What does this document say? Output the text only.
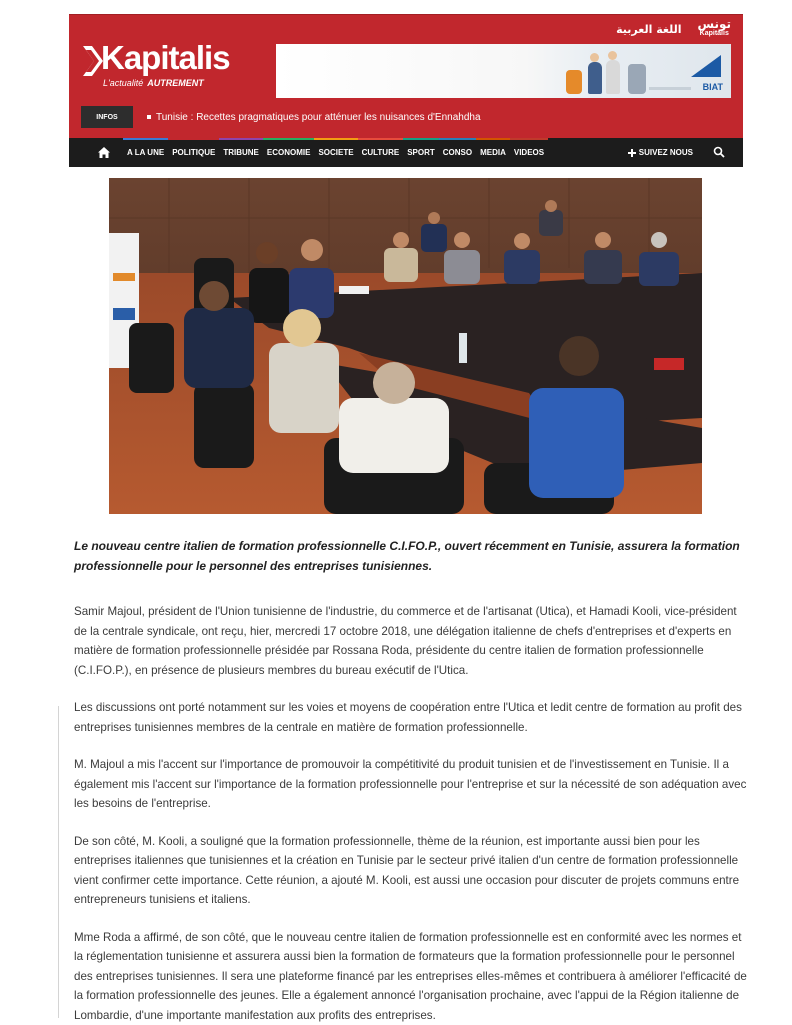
اللغة العربية تونس
Kapitalis
Kapitalis
L'actualité AUTREMENT	BIAT
INFOS	Tunisie : Recettes pragmatiques pour atténuer les nuisances d'Ennahdha
A LA UNE	POLITIQUE	TRIBUNE	ECONOMIE	SOCIETE	CULTURE	SPORT	CONSO	MEDIA	VIDEOS	SUIVEZ NOUS

Le nouveau centre italien de formation professionnelle C.I.FO.P., ouvert récemment en Tunisie, assurera la formation professionnelle pour le personnel des entreprises tunisiennes.

Samir Majoul, président de l'Union tunisienne de l'industrie, du commerce et de l'artisanat (Utica), et Hamadi Kooli, vice-président de la centrale syndicale, ont reçu, hier, mercredi 17 octobre 2018, une délégation italienne de chefs d'entreprises et d'experts en matière de formation professionnelle présidée par Rossana Roda, présidente du centre italien de formation professionnelle (C.I.FO.P.), en présence de plusieurs membres du bureau exécutif de l'Utica.

Les discussions ont porté notamment sur les voies et moyens de coopération entre l'Utica et ledit centre de formation au profit des entreprises tunisiennes membres de la centrale en matière de formation professionnelle.

M. Majoul a mis l'accent sur l'importance de promouvoir la compétitivité du produit tunisien et de l'investissement en Tunisie. Il a également mis l'accent sur l'importance de la formation professionnelle pour l'entreprise et sur la nécessité de son adéquation avec les besoins de l'entreprise.

De son côté, M. Kooli, a souligné que la formation professionnelle, thème de la réunion, est importante aussi bien pour les entreprises italiennes que tunisiennes et la création en Tunisie par le secteur privé italien d'un centre de formation professionnelle vient confirmer cette importance. Cette réunion, a ajouté M. Kooli, est aussi une occasion pour discuter de projets communs entre entrepreneurs tunisiens et italiens.

Mme Roda a affirmé, de son côté, que le nouveau centre italien de formation professionnelle est en conformité avec les normes et la réglementation tunisienne et assurera aussi bien la formation de formateurs que la formation professionnelle pour le personnel des entreprises tunisiennes. Il sera une plateforme financé par les entreprises elles-mêmes et contribuera à améliorer l'efficacité de la formation professionnelle des jeunes. Elle a également annoncé l'organisation prochaine, avec l'appui de la Région italienne de Lombardie, d'une importante manifestation aux profits des entreprises.
